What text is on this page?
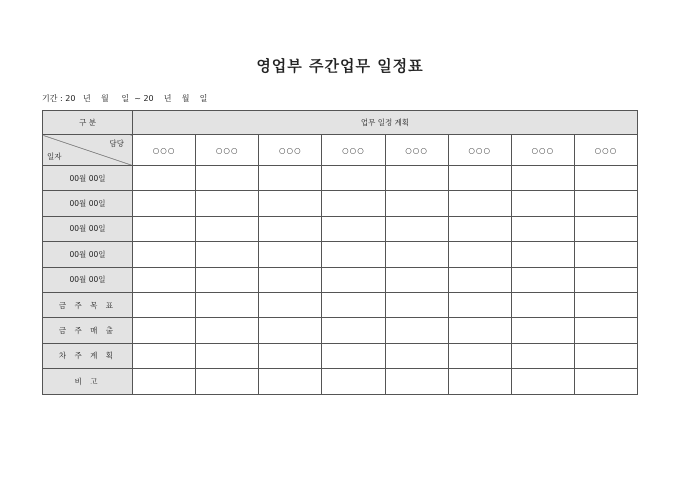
영업부 주간업무 일정표
기간 : 20   년    월     일  ~ 20    년    월    일
구 분	업무 일정 계획							

담당
일자	○○○	○○○	○○○	○○○	○○○	○○○	○○○	○○○
00월 00일								
00월 00일								
00월 00일								
00월 00일								
00월 00일								
금 주 목 표								
금 주 매 출								
차 주 계 획								
비 고								
